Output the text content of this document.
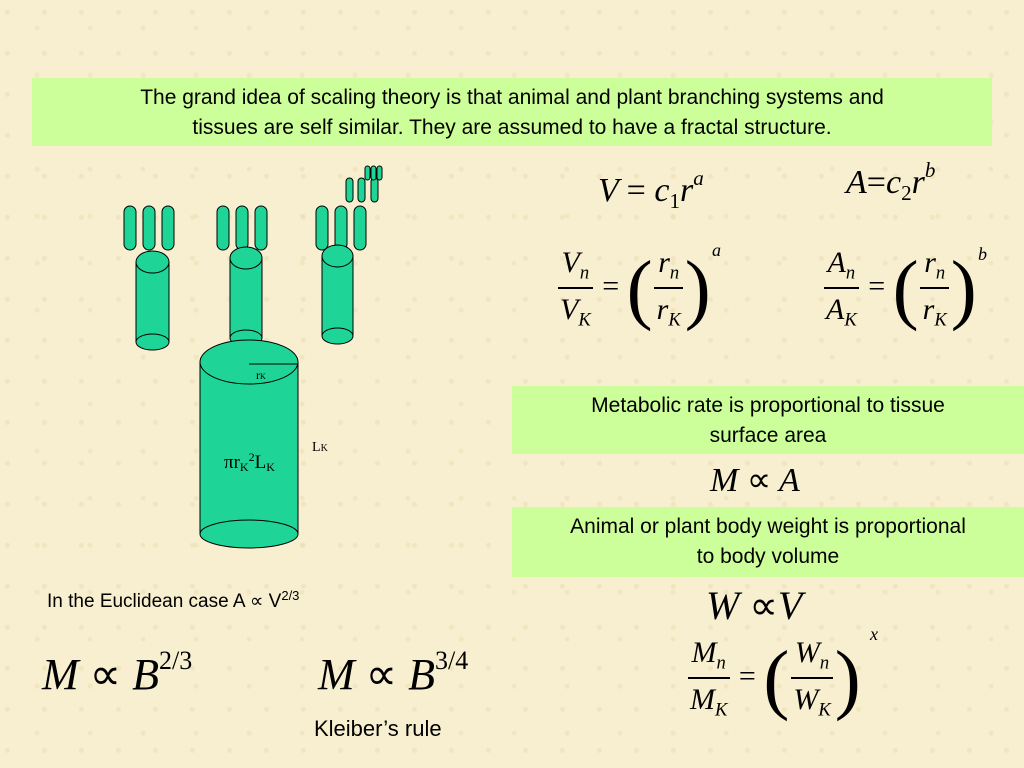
The grand idea of scaling theory is that animal and plant branching systems and
tissues are self similar. They are assumed to have a fractal structure.
rK
LK
πrK$^2$LK
$V = c_1r^a$	$A=c_2r^b$
$\frac{V_n}{V_K}$ = ( $\frac{r_n}{r_K}$ ) a	$\frac{A_n}{A_K}$ = ( $\frac{r_n}{r_K}$ ) b
Metabolic rate is proportional to tissue
surface area
M ∝ A
Animal or plant body weight is proportional
to body volume
W ∝V
$\frac{M_n}{M_K}$ = ( $\frac{W_n}{W_K}$ )
x
In the Euclidean case $A \propto V^{2/3}$
$M \propto B^{2/3}$	$M \propto B^{3/4}$
Kleiber’s rule
